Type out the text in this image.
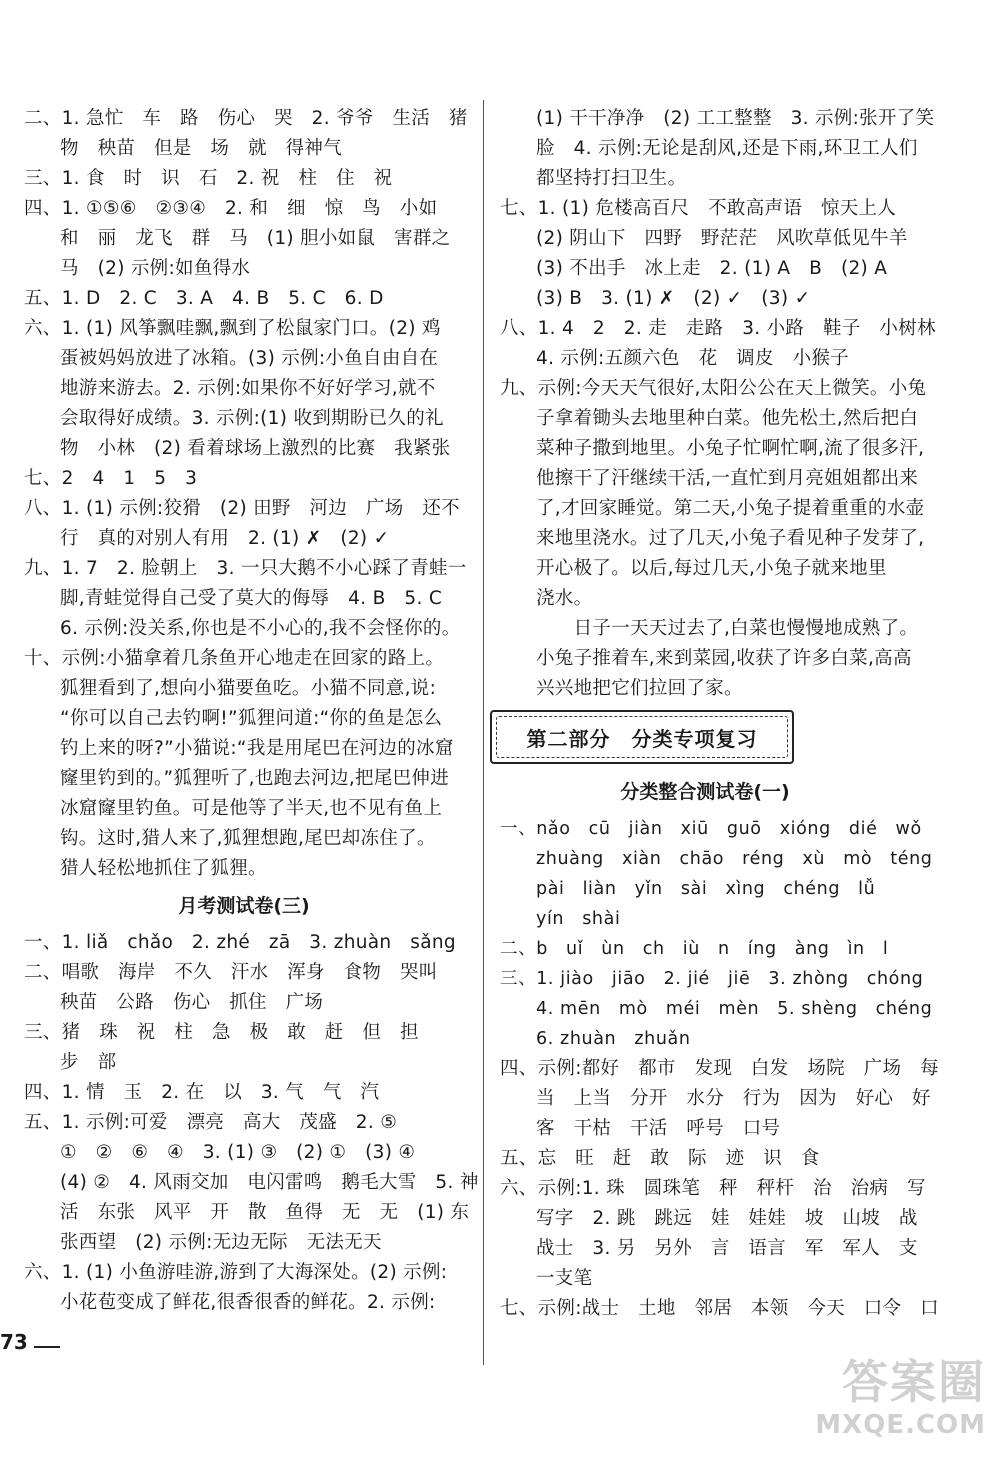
二、1. 急忙　车　路　伤心　哭　2. 爷爷　生活　猪
物　秧苗　但是　场　就　得神气
三、1. 食　时　识　石　2. 祝　柱　住　祝
四、1. ①⑤⑥　②③④　2. 和　细　惊　鸟　小如
和　丽　龙飞　群　马　(1) 胆小如鼠　害群之
马　(2) 示例:如鱼得水
五、1. D　2. C　3. A　4. B　5. C　6. D
六、1. (1) 风筝飘哇飘,飘到了松鼠家门口。(2) 鸡
蛋被妈妈放进了冰箱。(3) 示例:小鱼自由自在
地游来游去。2. 示例:如果你不好好学习,就不
会取得好成绩。3. 示例:(1) 收到期盼已久的礼
物　小林　(2) 看着球场上激烈的比赛　我紧张
七、2　4　1　5　3
八、1. (1) 示例:狡猾　(2) 田野　河边　广场　还不
行　真的对别人有用　2. (1) ✗　(2) ✓
九、1. 7　2. 脸朝上　3. 一只大鹅不小心踩了青蛙一
脚,青蛙觉得自己受了莫大的侮辱　4. B　5. C
6. 示例:没关系,你也是不小心的,我不会怪你的。
十、示例:小猫拿着几条鱼开心地走在回家的路上。
狐狸看到了,想向小猫要鱼吃。小猫不同意,说:
“你可以自己去钓啊!”狐狸问道:“你的鱼是怎么
钓上来的呀?”小猫说:“我是用尾巴在河边的冰窟
窿里钓到的。”狐狸听了,也跑去河边,把尾巴伸进
冰窟窿里钓鱼。可是他等了半天,也不见有鱼上
钩。这时,猎人来了,狐狸想跑,尾巴却冻住了。
猎人轻松地抓住了狐狸。
月考测试卷(三)
一、1. liǎ　chǎo　2. zhé　zā　3. zhuàn　sǎng
二、唱歌　海岸　不久　汗水　浑身　食物　哭叫
秧苗　公路　伤心　抓住　广场
三、猪　珠　祝　柱　急　极　敢　赶　但　担
步　部
四、1. 情　玉　2. 在　以　3. 气　气　汽
五、1. 示例:可爱　漂亮　高大　茂盛　2. ⑤
①　②　⑥　④　3. (1) ③　(2) ①　(3) ④
(4) ②　4. 风雨交加　电闪雷鸣　鹅毛大雪　5. 神
活　东张　风平　开　散　鱼得　无　无　(1) 东
张西望　(2) 示例:无边无际　无法无天
六、1. (1) 小鱼游哇游,游到了大海深处。(2) 示例:
小花苞变成了鲜花,很香很香的鲜花。2. 示例:
(1) 干干净净　(2) 工工整整　3. 示例:张开了笑
脸　4. 示例:无论是刮风,还是下雨,环卫工人们
都坚持打扫卫生。
七、1. (1) 危楼高百尺　不敢高声语　惊天上人
(2) 阴山下　四野　野茫茫　风吹草低见牛羊
(3) 不出手　冰上走　2. (1) A　B　(2) A
(3) B　3. (1) ✗　(2) ✓　(3) ✓
八、1. 4　2　2. 走　走路　3. 小路　鞋子　小树林
4. 示例:五颜六色　花　调皮　小猴子
九、示例:今天天气很好,太阳公公在天上微笑。小兔
子拿着锄头去地里种白菜。他先松土,然后把白
菜种子撒到地里。小兔子忙啊忙啊,流了很多汗,
他擦干了汗继续干活,一直忙到月亮姐姐都出来
了,才回家睡觉。第二天,小兔子提着重重的水壶
来地里浇水。过了几天,小兔子看见种子发芽了,
开心极了。以后,每过几天,小兔子就来地里
浇水。
　　日子一天天过去了,白菜也慢慢地成熟了。
小兔子推着车,来到菜园,收获了许多白菜,高高
兴兴地把它们拉回了家。
第二部分　分类专项复习
分类整合测试卷(一)
一、nǎo　cū　jiàn　xiū　guō　xióng　dié　wǒ
zhuàng　xiàn　chāo　réng　xù　mò　téng
pài　liàn　yǐn　sài　xìng　chéng　lǚ
yín　shài
二、b　uǐ　ùn　ch　iù　n　íng　àng　ìn　l
三、1. jiào　jiāo　2. jié　jiē　3. zhòng　chóng
4. mēn　mò　méi　mèn　5. shèng　chéng
6. zhuàn　zhuǎn
四、示例:都好　都市　发现　白发　场院　广场　每
当　上当　分开　水分　行为　因为　好心　好
客　干枯　干活　呼号　口号
五、忘　旺　赶　敢　际　迹　识　食
六、示例:1. 珠　圆珠笔　秤　秤杆　治　治病　写
写字　2. 跳　跳远　娃　娃娃　坡　山坡　战
战士　3. 另　另外　言　语言　军　军人　支
一支笔
七、示例:战士　土地　邻居　本领　今天　口令　口
73
答案圈
MXQE.COM
